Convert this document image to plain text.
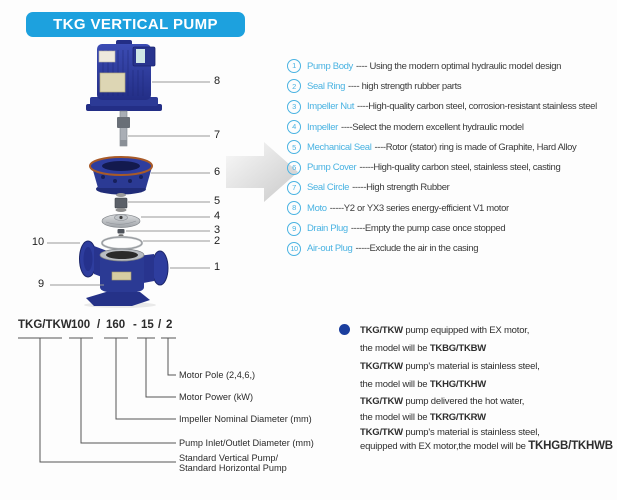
TKG VERTICAL PUMP
8
7
6
5
4
3
2
10
1
9
1	Pump Body ---- Using the modern optimal hydraulic model design
2	Seal Ring ---- high strength rubber parts
3	Impeller Nut ----High-quality carbon steel, corrosion-resistant stainless steel
4	Impeller ----Select the modern excellent hydraulic model
5	Mechanical Seal ----Rotor (stator) ring is made of Graphite, Hard Alloy
6	Pump Cover -----High-quality carbon steel, stainless steel, casting
7	Seal Circle -----High strength Rubber
8	Moto -----Y2 or YX3 series energy-efficient V1 motor
9	Drain Plug -----Empty the pump case once stopped
10 Air-out Plug -----Exclude the air in the casing
TKG/TKW 100 / 160 - 15 / 2
Motor Pole (2,4,6,)
Motor Power (kW)
Impeller Nominal Diameter (mm)
Pump Inlet/Outlet Diameter (mm)
Standard Vertical Pump/
Standard Horizontal Pump
TKG/TKW pump equipped with EX motor,
the model will be TKBG/TKBW
TKG/TKW pump's material is stainless steel,
the model will be TKHG/TKHW
TKG/TKW pump delivered the hot water,
the model will be TKRG/TKRW
TKG/TKW pump's material is stainless steel,
equipped with EX motor,the model will be TKHGB/TKHWB
